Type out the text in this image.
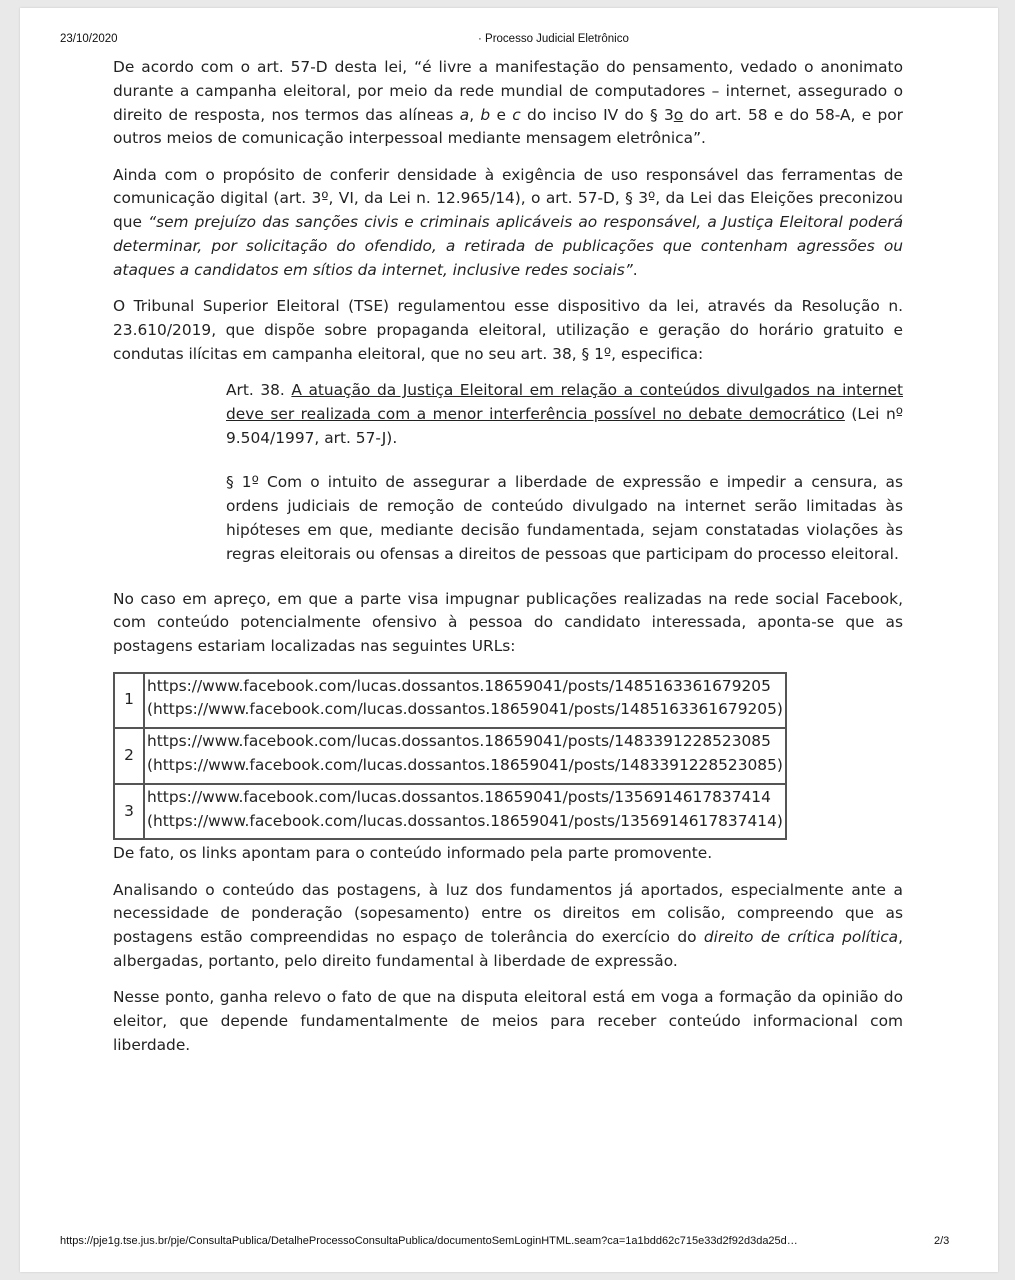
23/10/2020	· Processo Judicial Eletrônico

De acordo com o art. 57-D desta lei, “é livre a manifestação do pensamento, vedado o anonimato durante a campanha eleitoral, por meio da rede mundial de computadores – internet, assegurado o direito de resposta, nos termos das alíneas a, b e c do inciso IV do § 3o do art. 58 e do 58-A, e por outros meios de comunicação interpessoal mediante mensagem eletrônica”.

Ainda com o propósito de conferir densidade à exigência de uso responsável das ferramentas de comunicação digital (art. 3º, VI, da Lei n. 12.965/14), o art. 57-D, § 3º, da Lei das Eleições preconizou que “sem prejuízo das sanções civis e criminais aplicáveis ao responsável, a Justiça Eleitoral poderá determinar, por solicitação do ofendido, a retirada de publicações que contenham agressões ou ataques a candidatos em sítios da internet, inclusive redes sociais”.

O Tribunal Superior Eleitoral (TSE) regulamentou esse dispositivo da lei, através da Resolução n. 23.610/2019, que dispõe sobre propaganda eleitoral, utilização e geração do horário gratuito e condutas ilícitas em campanha eleitoral, que no seu art. 38, § 1º, especifica:

Art. 38. A atuação da Justiça Eleitoral em relação a conteúdos divulgados na internet deve ser realizada com a menor interferência possível no debate democrático (Lei nº 9.504/1997, art. 57-J).

§ 1º Com o intuito de assegurar a liberdade de expressão e impedir a censura, as ordens judiciais de remoção de conteúdo divulgado na internet serão limitadas às hipóteses em que, mediante decisão fundamentada, sejam constatadas violações às regras eleitorais ou ofensas a direitos de pessoas que participam do processo eleitoral.

No caso em apreço, em que a parte visa impugnar publicações realizadas na rede social Facebook, com conteúdo potencialmente ofensivo à pessoa do candidato interessada, aponta-se que as postagens estariam localizadas nas seguintes URLs:

1	https://www.facebook.com/lucas.dossantos.18659041/posts/1485163361679205
(https://www.facebook.com/lucas.dossantos.18659041/posts/1485163361679205)

2	https://www.facebook.com/lucas.dossantos.18659041/posts/1483391228523085
(https://www.facebook.com/lucas.dossantos.18659041/posts/1483391228523085)

3	https://www.facebook.com/lucas.dossantos.18659041/posts/1356914617837414
(https://www.facebook.com/lucas.dossantos.18659041/posts/1356914617837414)

De fato, os links apontam para o conteúdo informado pela parte promovente.

Analisando o conteúdo das postagens, à luz dos fundamentos já aportados, especialmente ante a necessidade de ponderação (sopesamento) entre os direitos em colisão, compreendo que as postagens estão compreendidas no espaço de tolerância do exercício do direito de crítica política, albergadas, portanto, pelo direito fundamental à liberdade de expressão.

Nesse ponto, ganha relevo o fato de que na disputa eleitoral está em voga a formação da opinião do eleitor, que depende fundamentalmente de meios para receber conteúdo informacional com liberdade.

https://pje1g.tse.jus.br/pje/ConsultaPublica/DetalheProcessoConsultaPublica/documentoSemLoginHTML.seam?ca=1a1bdd62c715e33d2f92d3da25d…	2/3
